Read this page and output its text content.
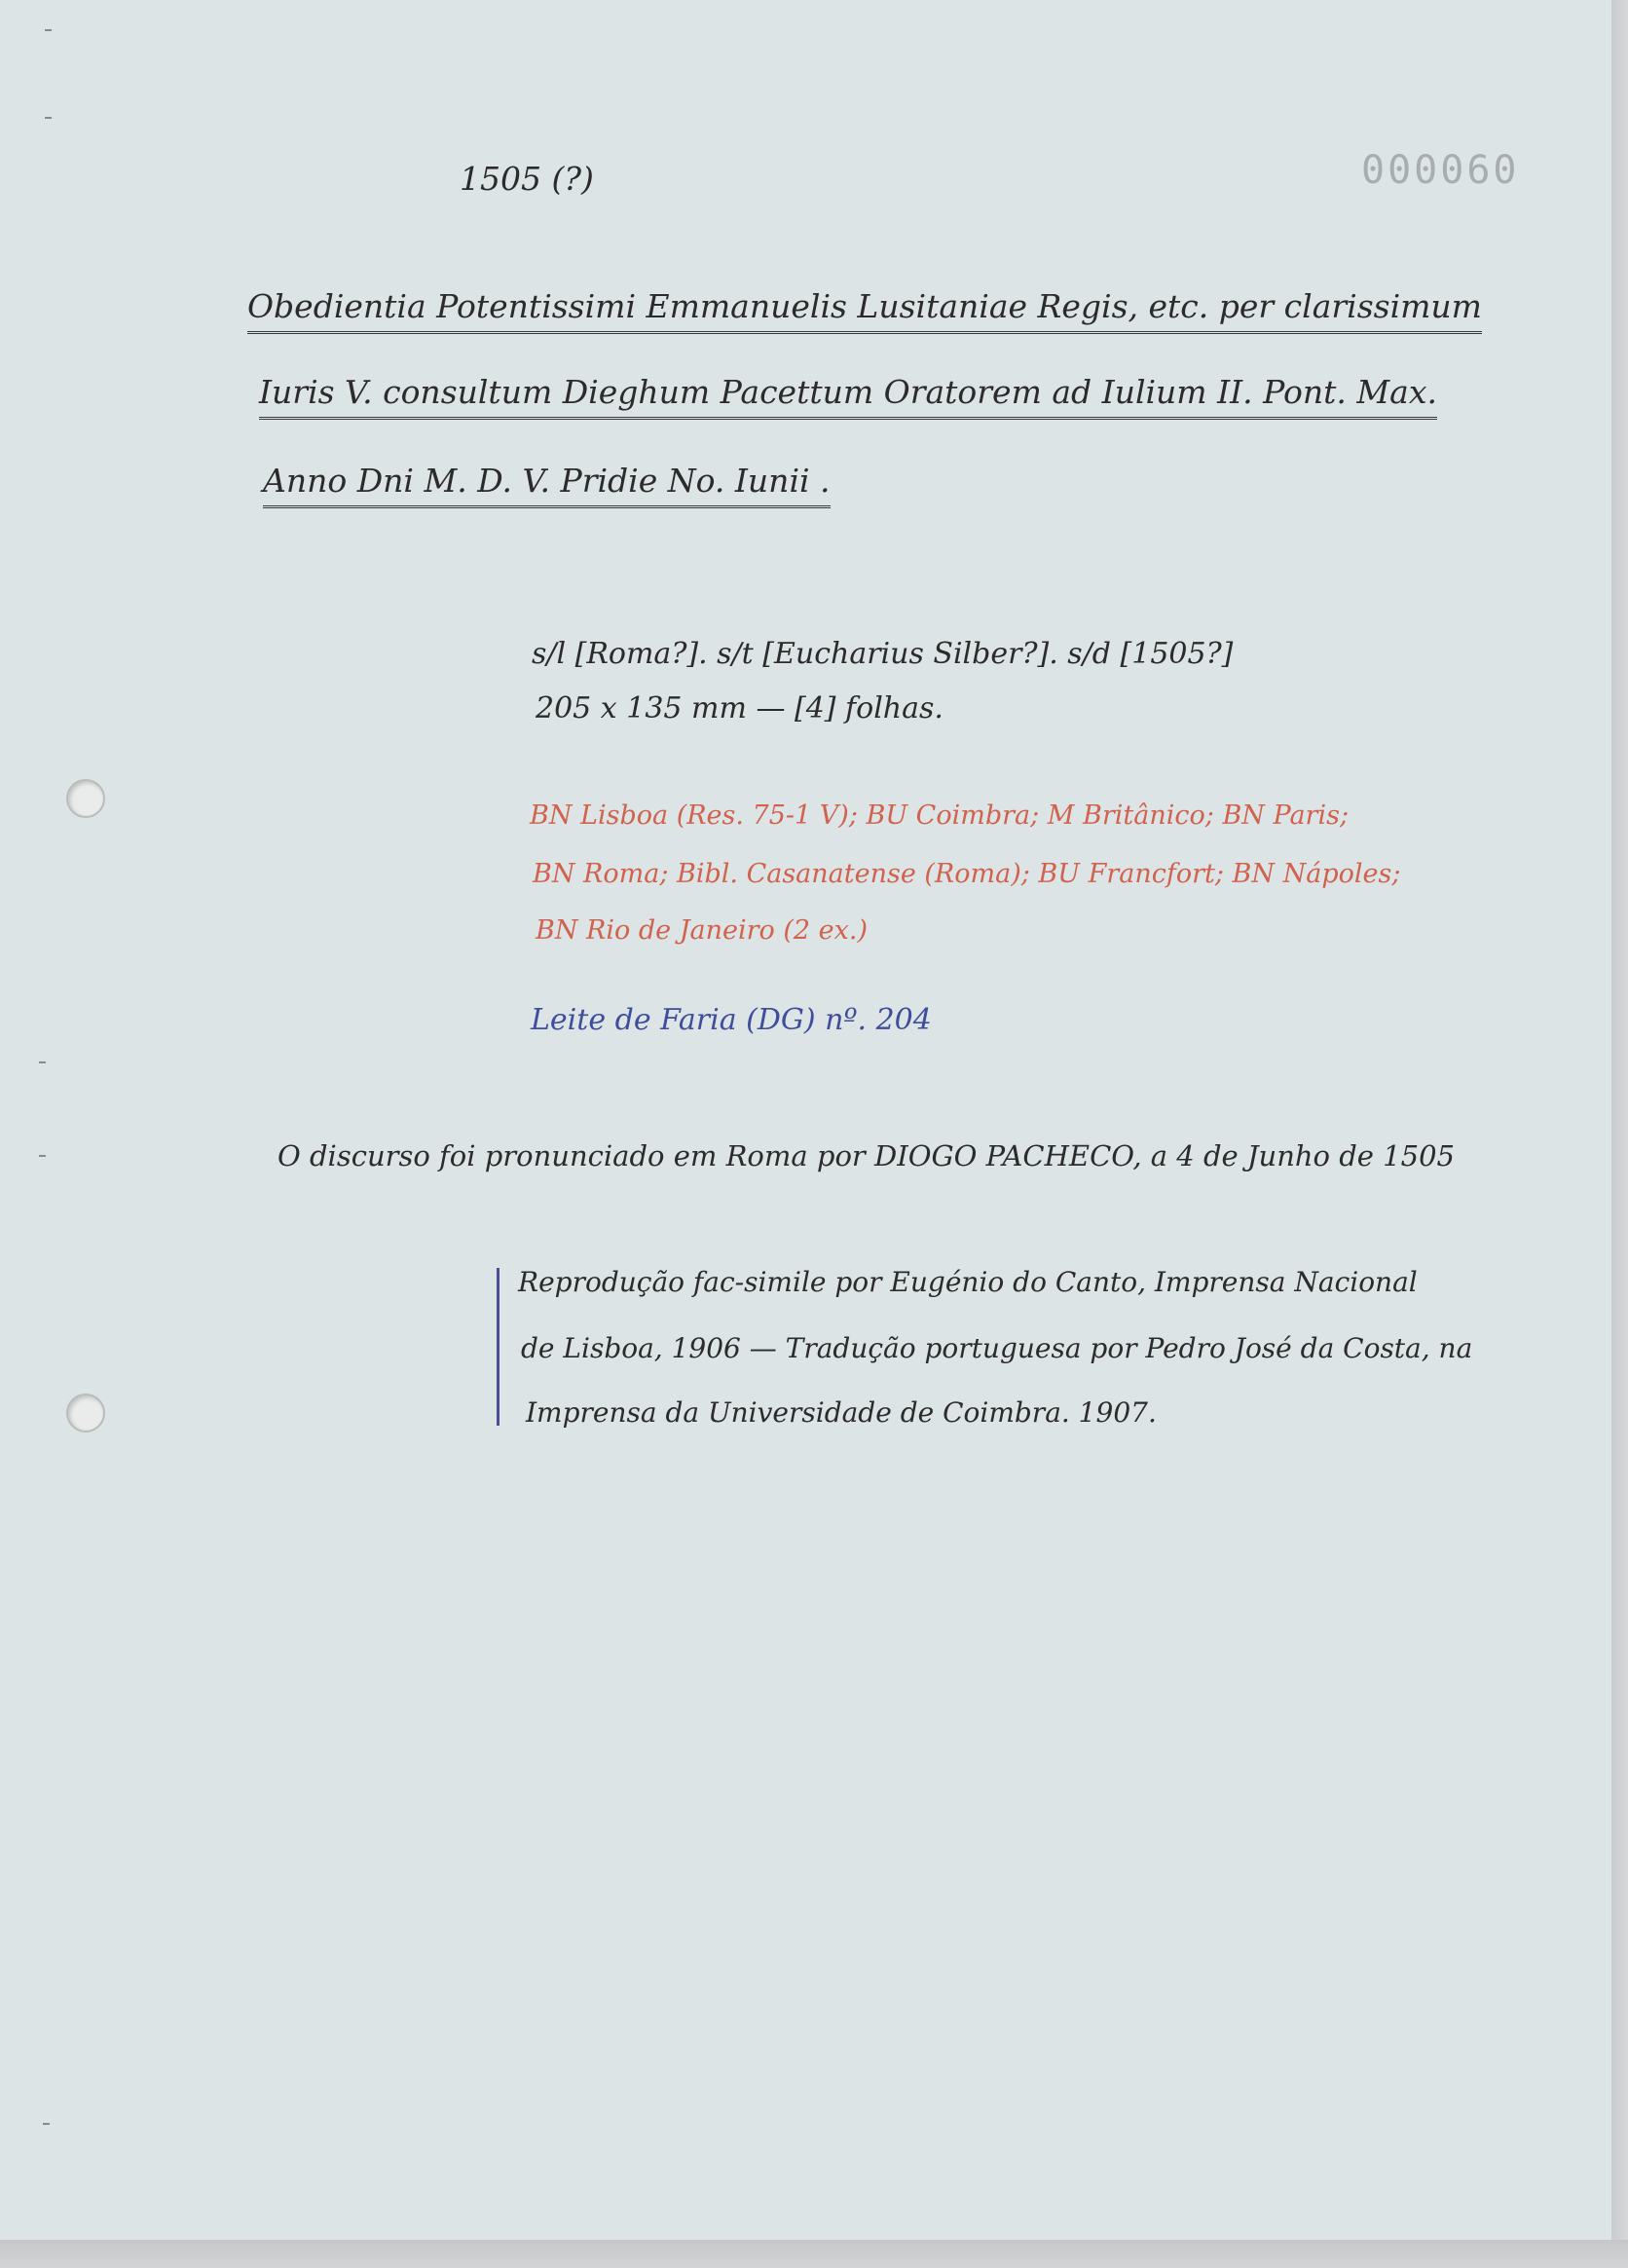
1505 (?)	000060
Obedientia Potentissimi Emmanuelis Lusitaniae Regis, etc. per clarissimum
Iuris V. consultum Dieghum Pacettum Oratorem ad Iulium II. Pont. Max.
Anno Dni M. D. V. Pridie No. Iunii .
s/l [Roma?]. s/t [Eucharius Silber?]. s/d [1505?]
205 x 135 mm — [4] folhas.
BN Lisboa (Res. 75-1 V); BU Coimbra; M Britânico; BN Paris;
BN Roma; Bibl. Casanatense (Roma); BU Francfort; BN Nápoles;
BN Rio de Janeiro (2 ex.)
Leite de Faria (DG) nº. 204
O discurso foi pronunciado em Roma por DIOGO PACHECO, a 4 de Junho de 1505
Reprodução fac-simile por Eugénio do Canto, Imprensa Nacional
de Lisboa, 1906 — Tradução portuguesa por Pedro José da Costa, na
Imprensa da Universidade de Coimbra. 1907.
